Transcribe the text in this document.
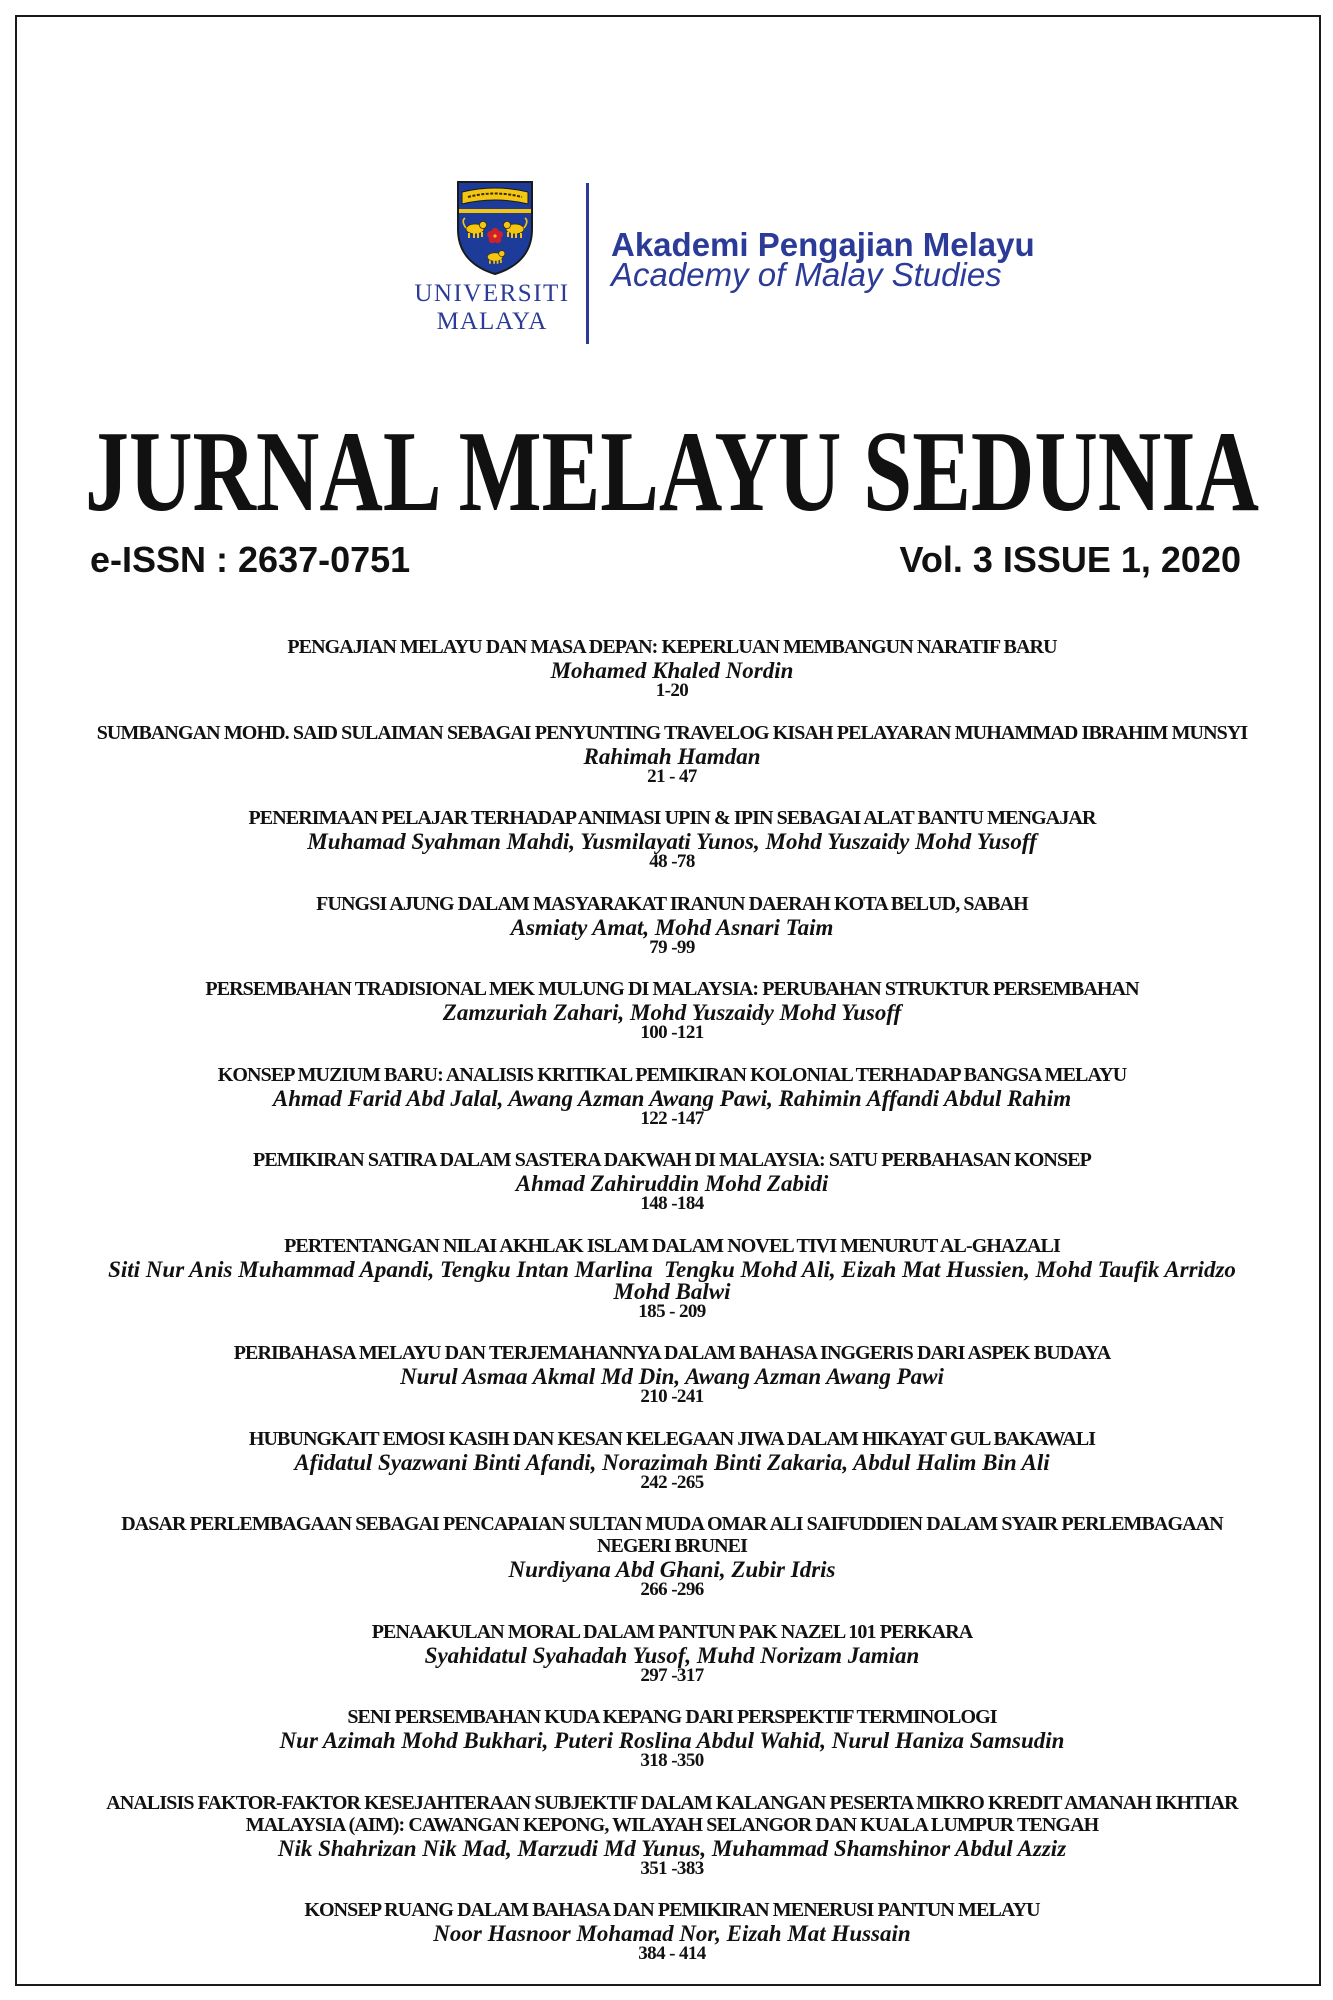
UNIVERSITI
MALAYA
Akademi Pengajian Melayu
Academy of Malay Studies
JURNAL MELAYU SEDUNIA
e-ISSN : 2637-0751	Vol. 3 ISSUE 1, 2020
PENGAJIAN MELAYU DAN MASA DEPAN: KEPERLUAN MEMBANGUN NARATIF BARU
Mohamed Khaled Nordin
1-20
SUMBANGAN MOHD. SAID SULAIMAN SEBAGAI PENYUNTING TRAVELOG KISAH PELAYARAN MUHAMMAD IBRAHIM MUNSYI
Rahimah Hamdan
21 - 47
PENERIMAAN PELAJAR TERHADAP ANIMASI UPIN & IPIN SEBAGAI ALAT BANTU MENGAJAR
Muhamad Syahman Mahdi, Yusmilayati Yunos, Mohd Yuszaidy Mohd Yusoff
48 -78
FUNGSI AJUNG DALAM MASYARAKAT IRANUN DAERAH KOTA BELUD, SABAH
Asmiaty Amat, Mohd Asnari Taim
79 -99
PERSEMBAHAN TRADISIONAL MEK MULUNG DI MALAYSIA: PERUBAHAN STRUKTUR PERSEMBAHAN
Zamzuriah Zahari, Mohd Yuszaidy Mohd Yusoff
100 -121
KONSEP MUZIUM BARU: ANALISIS KRITIKAL PEMIKIRAN KOLONIAL TERHADAP BANGSA MELAYU
Ahmad Farid Abd Jalal, Awang Azman Awang Pawi, Rahimin Affandi Abdul Rahim
122 -147
PEMIKIRAN SATIRA DALAM SASTERA DAKWAH DI MALAYSIA: SATU PERBAHASAN KONSEP
Ahmad Zahiruddin Mohd Zabidi
148 -184
PERTENTANGAN NILAI AKHLAK ISLAM DALAM NOVEL TIVI MENURUT AL-GHAZALI
Siti Nur Anis Muhammad Apandi, Tengku Intan Marlina  Tengku Mohd Ali, Eizah Mat Hussien, Mohd Taufik Arridzo
Mohd Balwi
185 - 209
PERIBAHASA MELAYU DAN TERJEMAHANNYA DALAM BAHASA INGGERIS DARI ASPEK BUDAYA
Nurul Asmaa Akmal Md Din, Awang Azman Awang Pawi
210 -241
HUBUNGKAIT EMOSI KASIH DAN KESAN KELEGAAN JIWA DALAM HIKAYAT GUL BAKAWALI
Afidatul Syazwani Binti Afandi, Norazimah Binti Zakaria, Abdul Halim Bin Ali
242 -265
DASAR PERLEMBAGAAN SEBAGAI PENCAPAIAN SULTAN MUDA OMAR ALI SAIFUDDIEN DALAM SYAIR PERLEMBAGAAN
NEGERI BRUNEI
Nurdiyana Abd Ghani, Zubir Idris
266 -296
PENAAKULAN MORAL DALAM PANTUN PAK NAZEL 101 PERKARA
Syahidatul Syahadah Yusof, Muhd Norizam Jamian
297 -317
SENI PERSEMBAHAN KUDA KEPANG DARI PERSPEKTIF TERMINOLOGI
Nur Azimah Mohd Bukhari, Puteri Roslina Abdul Wahid, Nurul Haniza Samsudin
318 -350
ANALISIS FAKTOR-FAKTOR KESEJAHTERAAN SUBJEKTIF DALAM KALANGAN PESERTA MIKRO KREDIT AMANAH IKHTIAR
MALAYSIA (AIM): CAWANGAN KEPONG, WILAYAH SELANGOR DAN KUALA LUMPUR TENGAH
Nik Shahrizan Nik Mad, Marzudi Md Yunus, Muhammad Shamshinor Abdul Azziz
351 -383
KONSEP RUANG DALAM BAHASA DAN PEMIKIRAN MENERUSI PANTUN MELAYU
Noor Hasnoor Mohamad Nor, Eizah Mat Hussain
384 - 414
